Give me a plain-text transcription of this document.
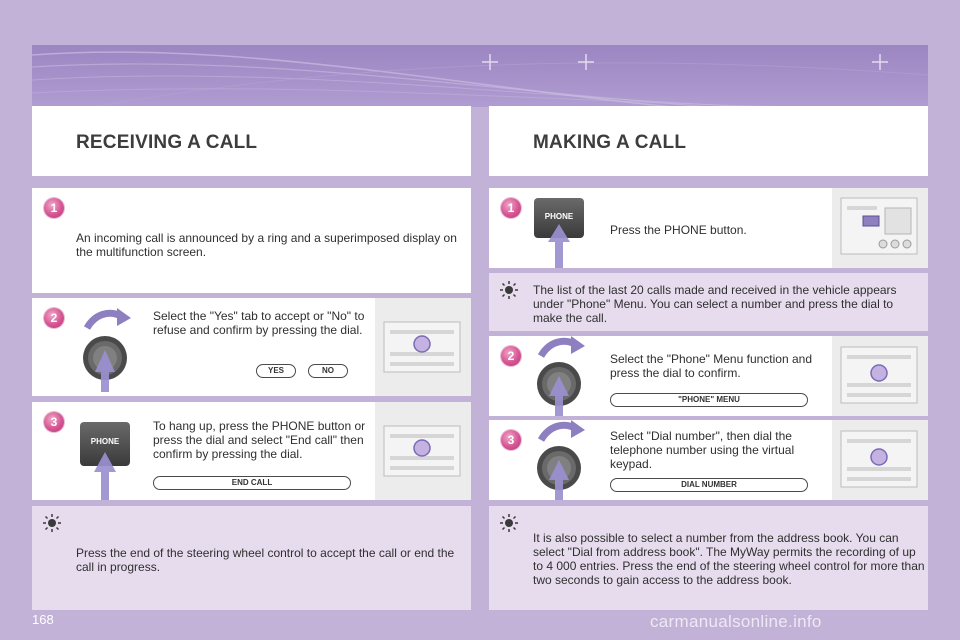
RECEIVING A CALL	MAKING A CALL
1
An incoming call is announced by a ring and a superimposed display on the multifunction screen.
2	Select the "Yes" tab to accept or "No" to refuse and confirm by pressing the dial.
YES	NO
3
PHONE
To hang up, press the PHONE button or press the dial and select "End call" then confirm by pressing the dial.
END CALL
Press the end of the steering wheel control to accept the call or end the call in progress.
1
PHONE
Press the PHONE button.
The list of the last 20 calls made and received in the vehicle appears under "Phone" Menu. You can select a number and press the dial to make the call.
2	Select the "Phone" Menu function and press the dial to confirm.
"PHONE" MENU
3	Select "Dial number", then dial the telephone number using the virtual keypad.
DIAL NUMBER
It is also possible to select a number from the address book. You can select "Dial from address book". The MyWay permits the recording of up to 4 000 entries. Press the end of the steering wheel control for more than two seconds to gain access to the address book.
168	carmanualsonline.info
